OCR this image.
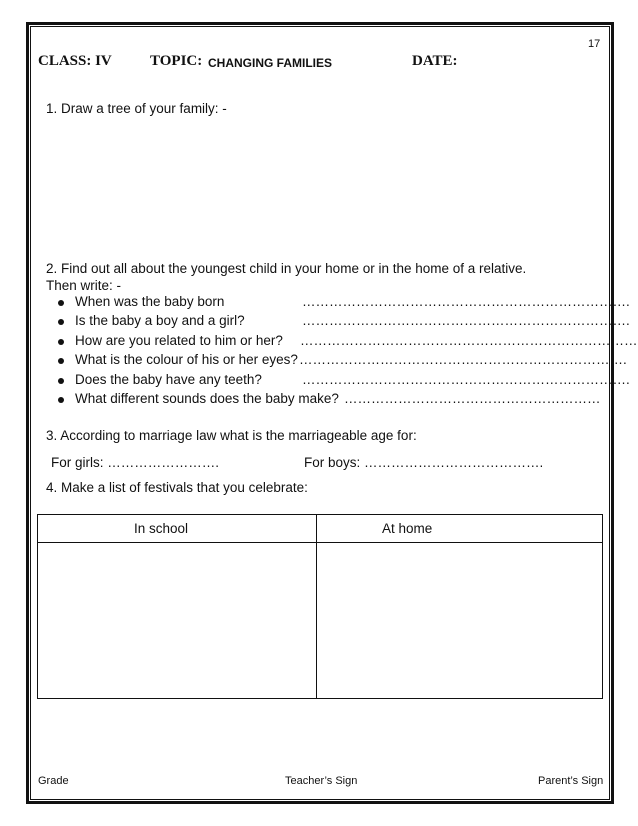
17
CLASS: IV	TOPIC: CHANGING FAMILIES	DATE:
1. Draw a tree of your family: -
2. Find out all about the youngest child in your home or in the home of a relative.
Then write: -
When was the baby born	……………………………………………………………….
Is the baby a boy and a girl?	……………………………………………………………….
How are you related to him or her? …………………………………………………………………
What is the colour of his or her eyes? ……………………………………………………………….
Does the baby have any teeth?	……………………………………………………………….
What different sounds does the baby make? …………………………………………………
3. According to marriage law what is the marriageable age for:
For girls: …………………….	For boys: ………………………………….
4. Make a list of festivals that you celebrate:
In school	At home
Grade	Teacher’s Sign	Parent’s Sign
